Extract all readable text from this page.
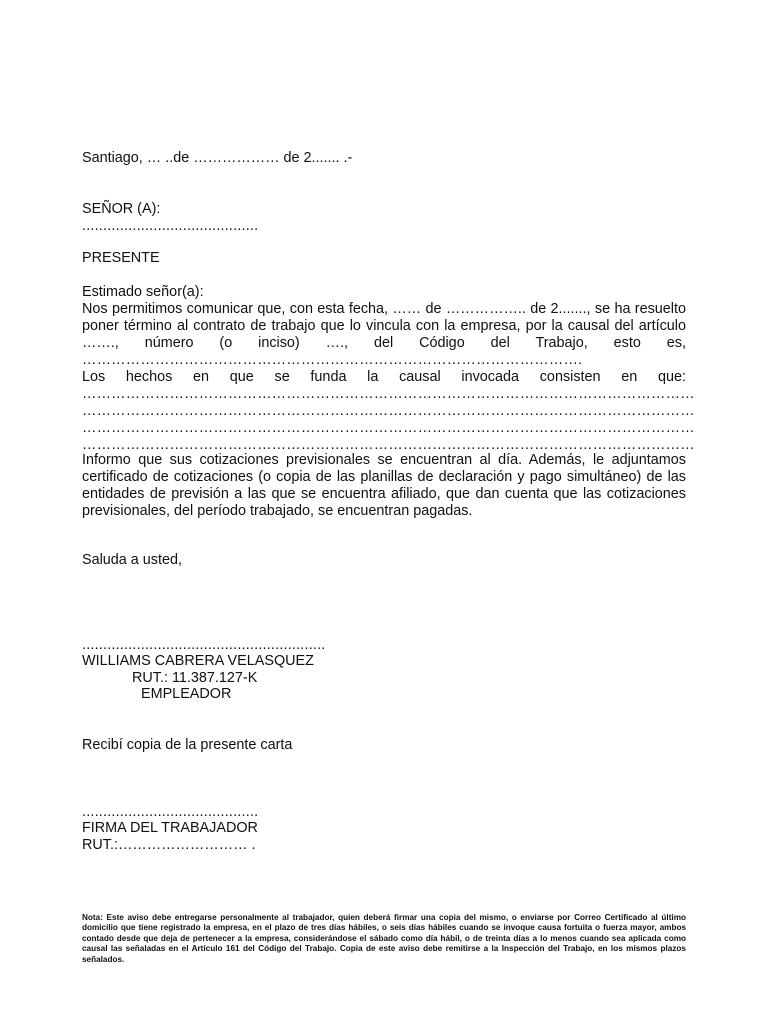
Santiago, … ..de ……………… de 2....... .-
SEÑOR (A):
..........................................
PRESENTE
Estimado señor(a):
Nos permitimos comunicar que, con esta fecha, …… de …………….. de 2......., se ha resuelto poner término al contrato de trabajo que lo vincula con la empresa, por la causal del artículo ……., número (o inciso) …., del Código del Trabajo, esto es,
………………………………………………………………………………………….
Los hechos en que se funda la causal invocada consisten en que:
………………………………………………………………………………………………………………
………………………………………………………………………………………………………………
………………………………………………………………………………………………………………
………………………………………………………………………………………………………………
Informo que sus cotizaciones previsionales se encuentran al día. Además, le adjuntamos certificado de cotizaciones (o copia de las planillas de declaración y pago simultáneo) de las entidades de previsión a las que se encuentra afiliado, que dan cuenta que las cotizaciones previsionales, del período trabajado, se encuentran pagadas.
Saluda a usted,
..........................................................
WILLIAMS CABRERA VELASQUEZ
RUT.: 11.387.127-K
EMPLEADOR
Recibí copia de la presente carta
..........................................
FIRMA DEL TRABAJADOR
RUT.:……………………… .
Nota: Este aviso debe entregarse personalmente al trabajador, quien deberá firmar una copia del mismo, o enviarse por Correo Certificado al último domicilio que tiene registrado la empresa, en el plazo de tres días hábiles, o seis días hábiles cuando se invoque causa fortuita o fuerza mayor, ambos contado desde que deja de pertenecer a la empresa, considerándose el sábado como día hábil, o de treinta días a lo menos cuando sea aplicada como causal las señaladas en el Artículo 161 del Código del Trabajo. Copia de este aviso debe remitirse a la Inspección del Trabajo, en los mismos plazos señalados.
